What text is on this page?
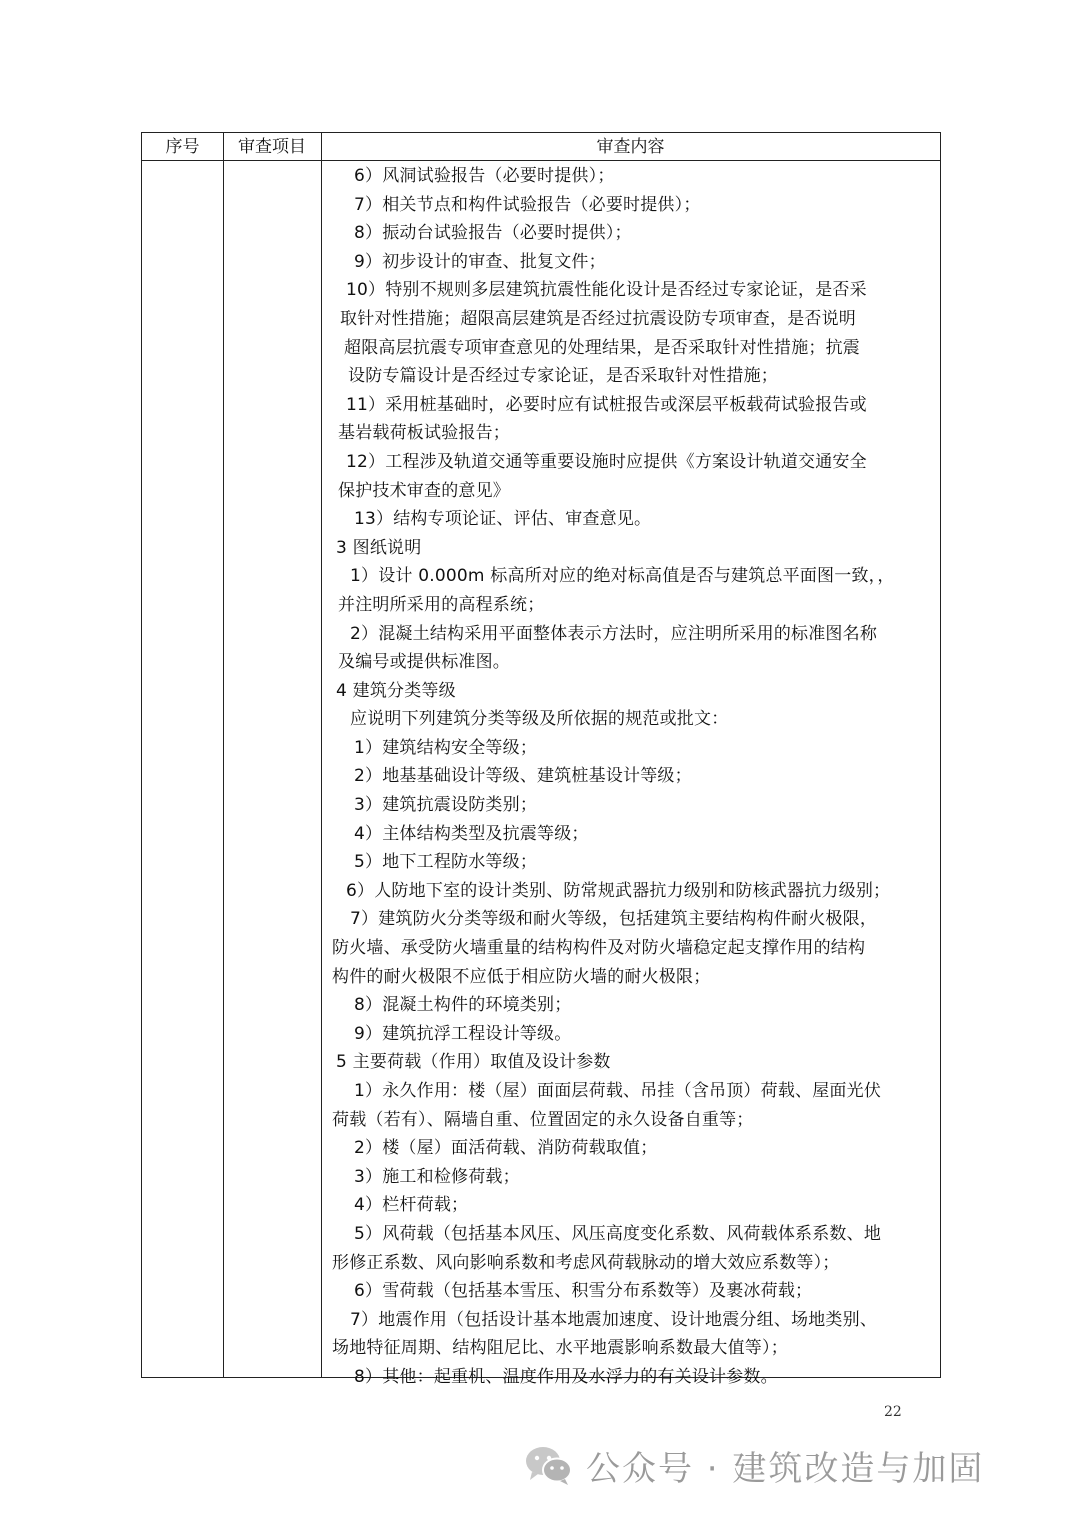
序号	审查项目	审查内容
6）风洞试验报告（必要时提供）；
7）相关节点和构件试验报告（必要时提供）；
8）振动台试验报告（必要时提供）；
9）初步设计的审查、批复文件；
10）特别不规则多层建筑抗震性能化设计是否经过专家论证，是否采
取针对性措施；超限高层建筑是否经过抗震设防专项审查，是否说明
超限高层抗震专项审查意见的处理结果，是否采取针对性措施；抗震
设防专篇设计是否经过专家论证，是否采取针对性措施；
11）采用桩基础时，必要时应有试桩报告或深层平板载荷试验报告或
基岩载荷板试验报告；
12）工程涉及轨道交通等重要设施时应提供《方案设计轨道交通安全
保护技术审查的意见》
13）结构专项论证、评估、审查意见。
3 图纸说明
1）设计 0.000m 标高所对应的绝对标高值是否与建筑总平面图一致，，
并注明所采用的高程系统；
2）混凝土结构采用平面整体表示方法时，应注明所采用的标准图名称
及编号或提供标准图。
4 建筑分类等级
应说明下列建筑分类等级及所依据的规范或批文：
1）建筑结构安全等级；
2）地基基础设计等级、建筑桩基设计等级；
3）建筑抗震设防类别；
4）主体结构类型及抗震等级；
5）地下工程防水等级；
6）人防地下室的设计类别、防常规武器抗力级别和防核武器抗力级别；
7）建筑防火分类等级和耐火等级，包括建筑主要结构构件耐火极限，
防火墙、承受防火墙重量的结构构件及对防火墙稳定起支撑作用的结构
构件的耐火极限不应低于相应防火墙的耐火极限；
8）混凝土构件的环境类别；
9）建筑抗浮工程设计等级。
5 主要荷载（作用）取值及设计参数
1）永久作用：楼（屋）面面层荷载、吊挂（含吊顶）荷载、屋面光伏
荷载（若有）、隔墙自重、位置固定的永久设备自重等；
2）楼（屋）面活荷载、消防荷载取值；
3）施工和检修荷载；
4）栏杆荷载；
5）风荷载（包括基本风压、风压高度变化系数、风荷载体系系数、地
形修正系数、风向影响系数和考虑风荷载脉动的增大效应系数等）；
6）雪荷载（包括基本雪压、积雪分布系数等）及裹冰荷载；
7）地震作用（包括设计基本地震加速度、设计地震分组、场地类别、
场地特征周期、结构阻尼比、水平地震影响系数最大值等）；
8）其他：起重机、温度作用及水浮力的有关设计参数。
22
公众号 · 建筑改造与加固
